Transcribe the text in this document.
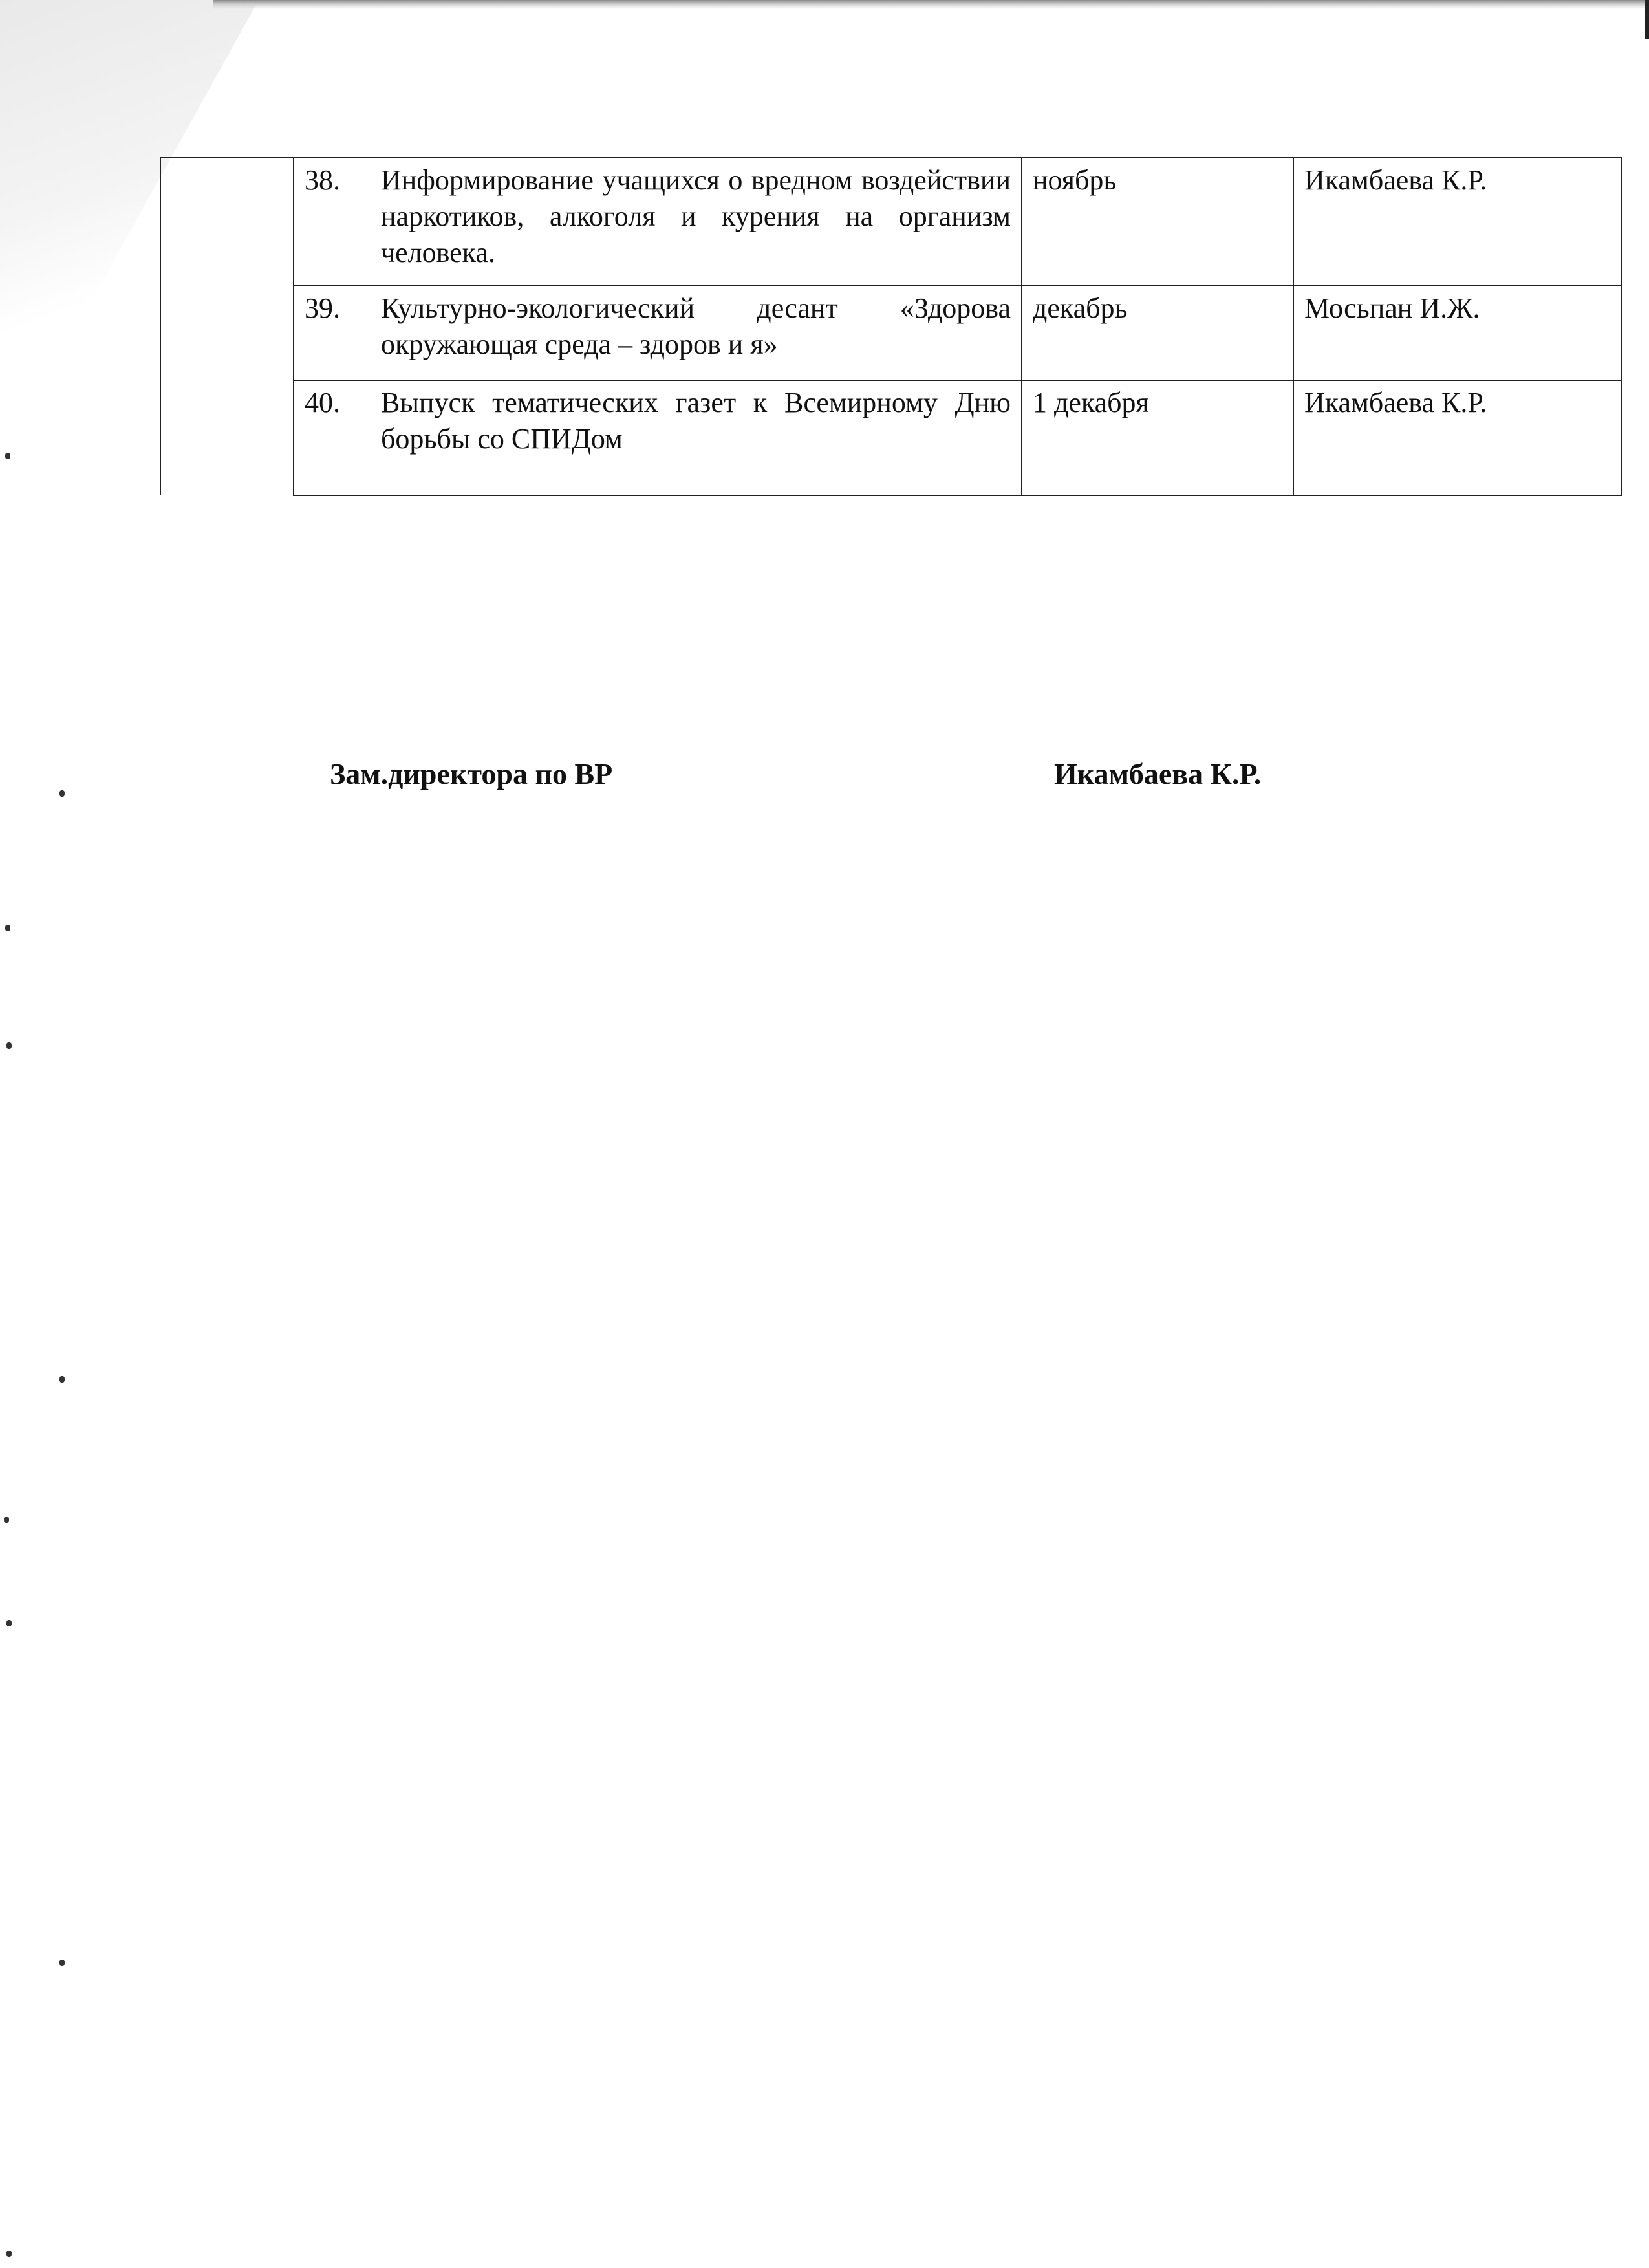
38. Информирование учащихся о вредном воздействии наркотиков, алкоголя и курения на организм человека.	ноябрь	Икамбаева К.Р.

39. Культурно-экологический десант «Здорова окружающая среда – здоров и я»	декабрь	Мосьпан И.Ж.

40. Выпуск тематических газет к Всемирному Дню борьбы со СПИДом	1 декабря	Икамбаева К.Р.
Зам.директора по ВР	Икамбаева К.Р.
